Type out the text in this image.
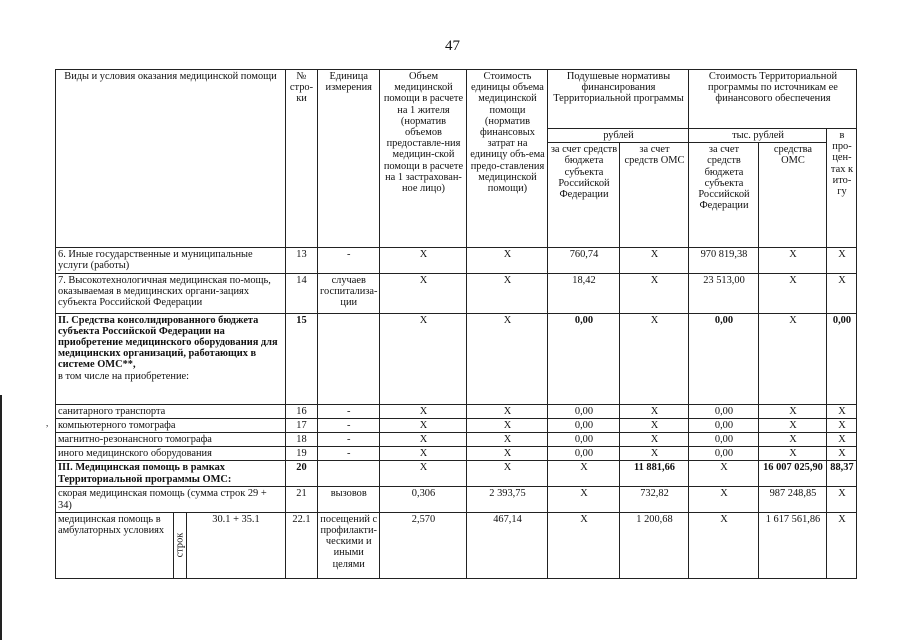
47
,
Виды и условия оказания медицинской помощи			№ стро-ки	Единица измерения	Объем медицинской помощи в расчете на 1 жителя (норматив объемов предоставле-ния медицин-ской помощи в расчете на 1 застрахован-ное лицо)	Стоимость единицы объема медицинской помощи (норматив финансовых затрат на единицу объ-ема предо-ставления медицинской помощи)	Подушевые нормативы финансирования Территориальной программы		Стоимость Территориальной программы по источникам ее финансового обеспечения		
							рублей		тыс. рублей		в про-цен-тах к ито-гу
							за счет средств бюджета субъекта Российской Федерации	за счет средств ОМС	за счет средств бюджета субъекта Российской Федерации	средства ОМС	
6. Иные государственные и муниципальные услуги (работы)			13	-	X	X	760,74	X	970 819,38	X	X
7. Высокотехнологичная медицинская по-мощь, оказываемая в медицинских органи-зациях субъекта Российской Федерации			14	случаев госпитализа-ции	X	X	18,42	X	23 513,00	X	X
II. Средства консолидированного бюджета субъекта Российской Федерации на приобретение медицинского оборудования для медицинских организаций, работающих в системе ОМС**,
в том числе на приобретение:			15		X	X	0,00	X	0,00	X	0,00
санитарного транспорта			16	-	X	X	0,00	X	0,00	X	X
компьютерного томографа			17	-	X	X	0,00	X	0,00	X	X
магнитно-резонансного томографа			18	-	X	X	0,00	X	0,00	X	X
иного медицинского оборудования			19	-	X	X	0,00	X	0,00	X	X
III. Медицинская помощь в рамках Территориальной программы ОМС:			20		X	X	X	11 881,66	X	16 007 025,90	88,37
скорая медицинская помощь (сумма строк 29 + 34)			21	вызовов	0,306	2 393,75	X	732,82	X	987 248,85	X
медицинская помощь в амбулаторных условиях	строк	30.1 + 35.1	22.1	посещений с профилакти-ческими и иными целями	2,570	467,14	X	1 200,68	X	1 617 561,86	X
